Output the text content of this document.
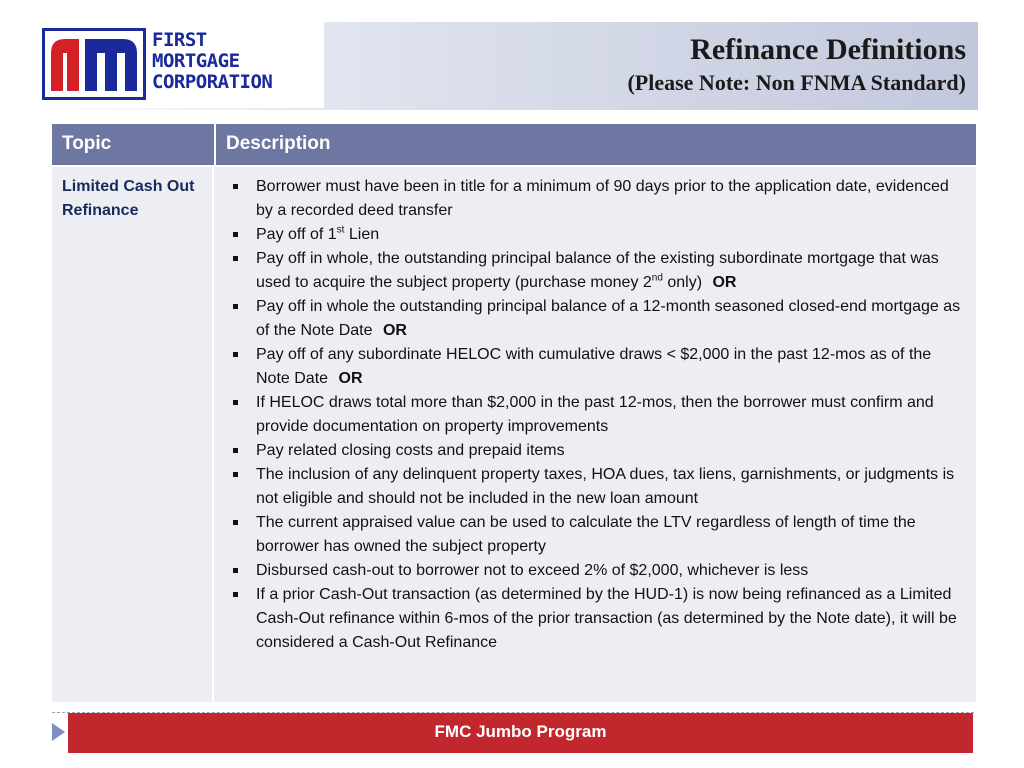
FIRST
MORTGAGE
CORPORATION
Refinance Definitions
(Please Note: Non FNMA Standard)
Topic	Description
Limited Cash Out Refinance
Borrower must have been in title for a minimum of 90 days prior to the application date, evidenced by a recorded deed transfer
Pay off of 1st Lien
Pay off in whole, the outstanding principal balance of the existing subordinate mortgage that was used to acquire the subject property (purchase money 2nd only) OR
Pay off in whole the outstanding principal balance of a 12-month seasoned closed-end mortgage as of the Note Date OR
Pay off of any subordinate HELOC with cumulative draws < $2,000 in the past 12-mos as of the Note Date OR
If HELOC draws total more than $2,000 in the past 12-mos, then the borrower must confirm and provide documentation on property improvements
Pay related closing costs and prepaid items
The inclusion of any delinquent property taxes, HOA dues, tax liens, garnishments, or judgments is not eligible and should not be included in the new loan amount
The current appraised value can be used to calculate the LTV regardless of length of time the borrower has owned the subject property
Disbursed cash-out to borrower not to exceed 2% of $2,000, whichever is less
If a prior Cash-Out transaction (as determined by the HUD-1) is now being refinanced as a Limited Cash-Out refinance within 6-mos of the prior transaction (as determined by the Note date), it will be considered a Cash-Out Refinance
FMC Jumbo Program
